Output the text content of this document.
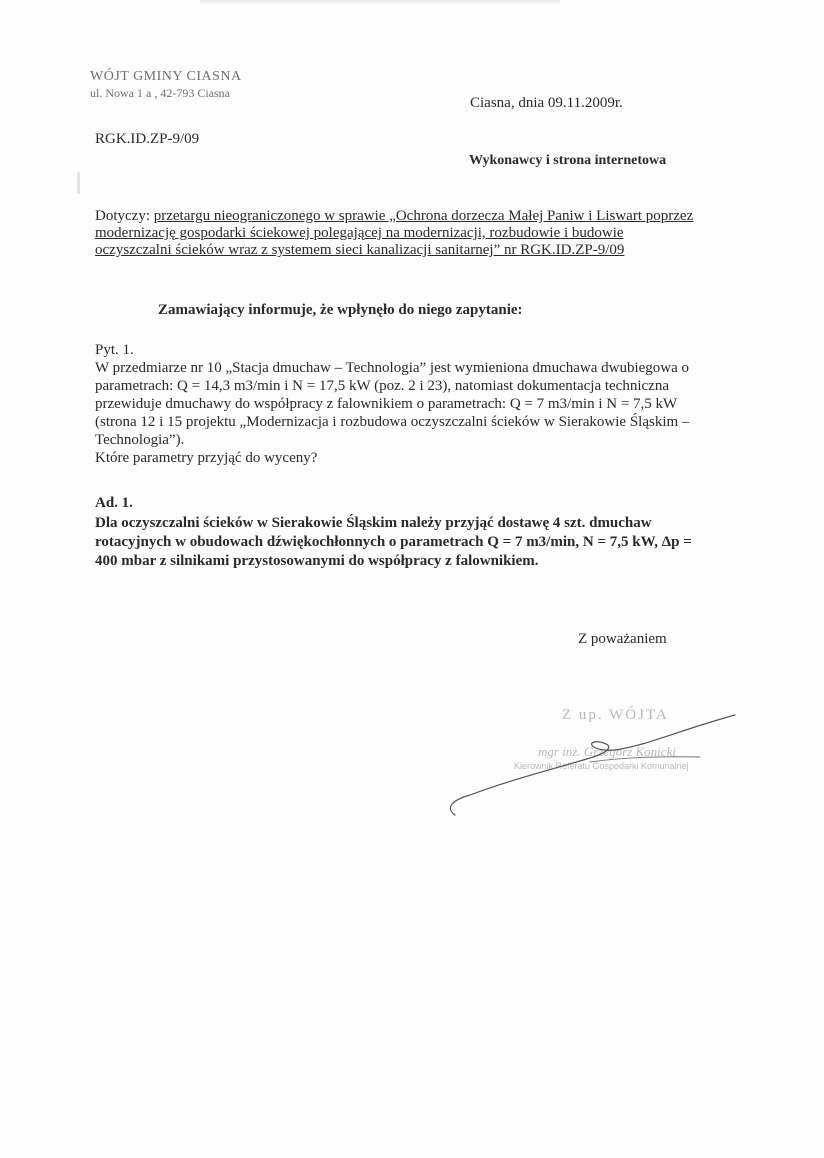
WÓJT GMINY CIASNA
ul. Nowa 1 a , 42-793 Ciasna
Ciasna, dnia 09.11.2009r.
RGK.ID.ZP-9/09
Wykonawcy i strona internetowa
Dotyczy: przetargu nieograniczonego w sprawie „Ochrona dorzecza Małej Paniw i Liswart poprzez
modernizację gospodarki ściekowej polegającej na modernizacji, rozbudowie i budowie
oczyszczalni ścieków wraz z systemem sieci kanalizacji sanitarnej” nr RGK.ID.ZP-9/09
Zamawiający informuje, że wpłynęło do niego zapytanie:
Pyt. 1.
W przedmiarze nr 10 „Stacja dmuchaw – Technologia” jest wymieniona dmuchawa dwubiegowa o
parametrach: Q = 14,3 m3/min i N = 17,5 kW (poz. 2 i 23), natomiast dokumentacja techniczna
przewiduje dmuchawy do współpracy z falownikiem o parametrach: Q = 7 m3/min i N = 7,5 kW
(strona 12 i 15 projektu „Modernizacja i rozbudowa oczyszczalni ścieków w Sierakowie Śląskim –
Technologia”).
Które parametry przyjąć do wyceny?
Ad. 1.
Dla oczyszczalni ścieków w Sierakowie Śląskim należy przyjąć dostawę 4 szt. dmuchaw
rotacyjnych w obudowach dźwiękochłonnych o parametrach Q = 7 m3/min, N = 7,5 kW, Δp =
400 mbar z silnikami przystosowanymi do współpracy z falownikiem.
Z poważaniem
Z up. WÓJTA
mgr inż. Grzegorz Konicki
Kierownik Referatu Gospodarki Komunalnej
